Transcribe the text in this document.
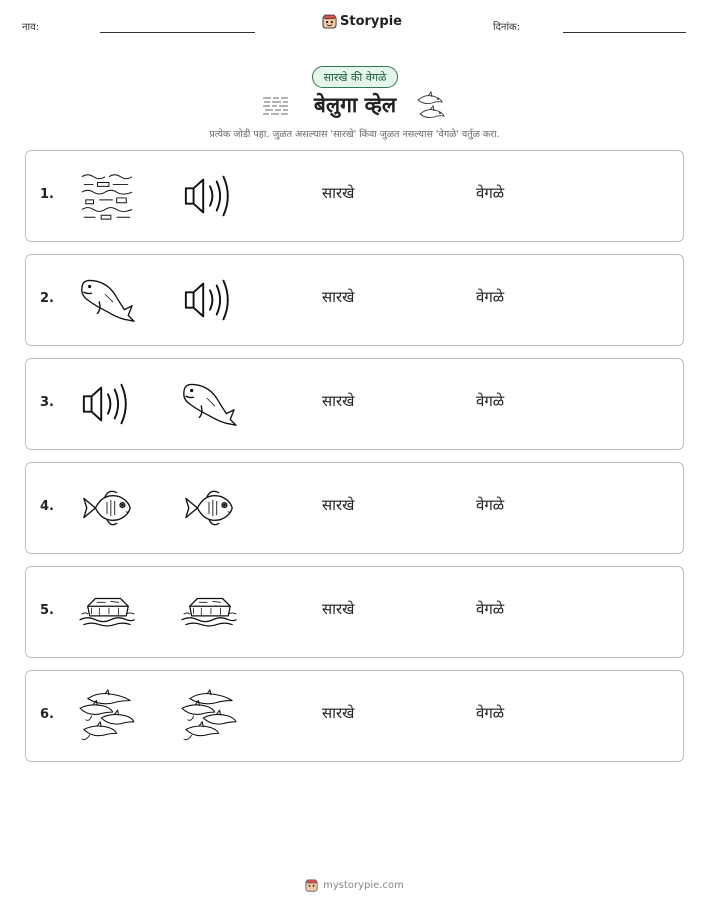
नाव:	Storypie	दिनांक:
सारखे की वेगळे
बेलुगा व्हेल
प्रत्येक जोडी पहा. जुळत असल्यास 'सारखे' किंवा जुळत नसल्यास 'वेगळे' वर्तुळ करा.
1.	सारखे	वेगळे
2.	सारखे	वेगळे
3.	सारखे	वेगळे
4.	सारखे	वेगळे
5.	सारखे	वेगळे
6.	सारखे	वेगळे
mystorypie.com
